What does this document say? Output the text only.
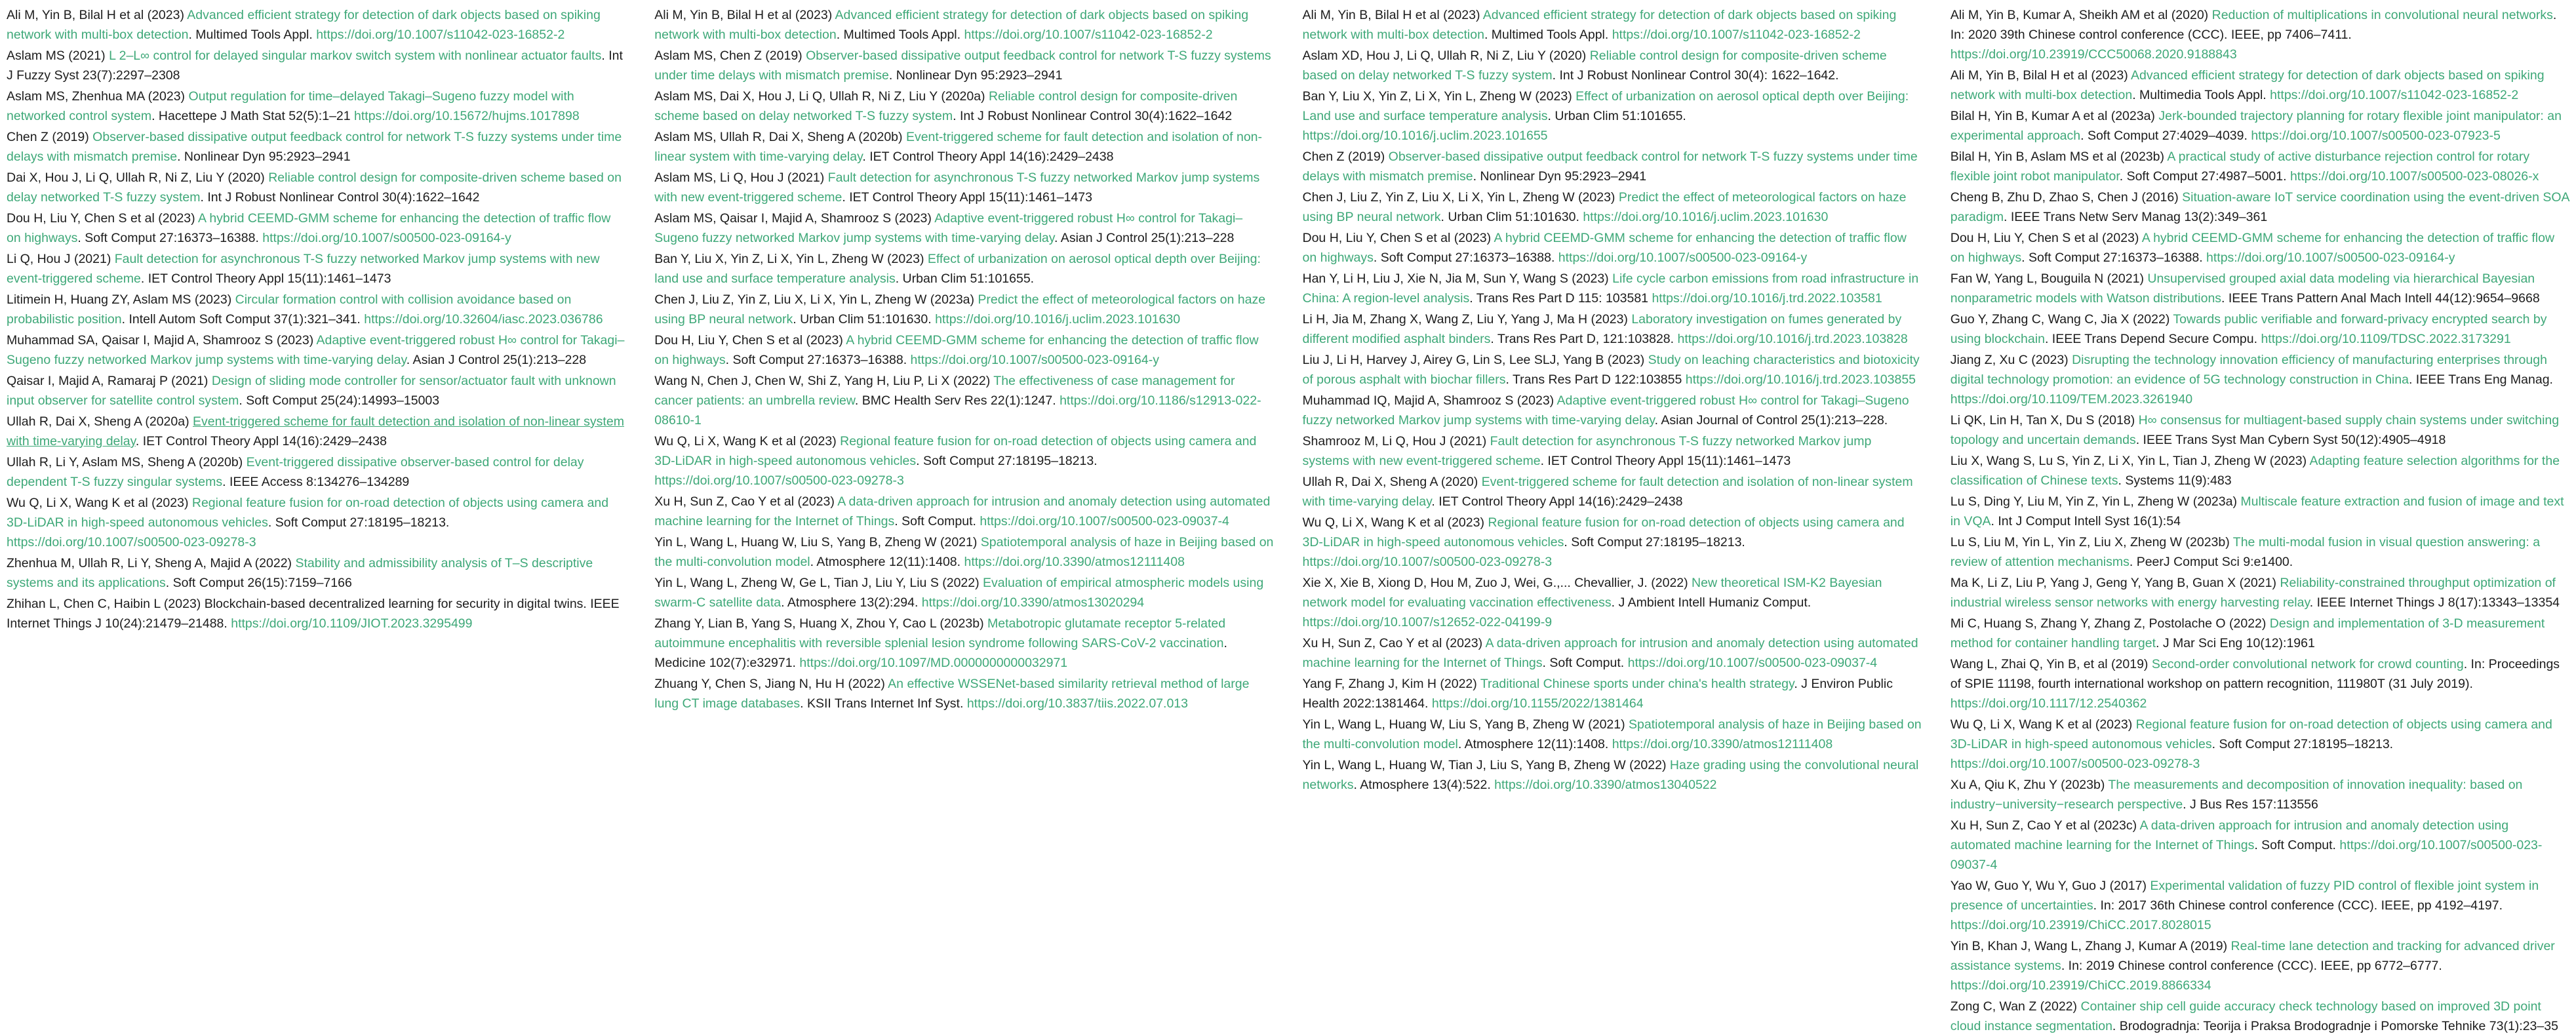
Ali M, Yin B, Bilal H et al (2023) Advanced efficient strategy for detection of dark objects based on spiking network with multi-box detection. Multimed Tools Appl. https://doi.org/10.1007/s11042-023-16852-2

Aslam MS (2021) L 2–L∞ control for delayed singular markov switch system with nonlinear actuator faults. Int J Fuzzy Syst 23(7):2297–2308

Aslam MS, Zhenhua MA (2023) Output regulation for time–delayed Takagi–Sugeno fuzzy model with networked control system. Hacettepe J Math Stat 52(5):1–21 https://doi.org/10.15672/hujms.1017898

Chen Z (2019) Observer-based dissipative output feedback control for network T-S fuzzy systems under time delays with mismatch premise. Nonlinear Dyn 95:2923–2941

Dai X, Hou J, Li Q, Ullah R, Ni Z, Liu Y (2020) Reliable control design for composite-driven scheme based on delay networked T-S fuzzy system. Int J Robust Nonlinear Control 30(4):1622–1642

Dou H, Liu Y, Chen S et al (2023) A hybrid CEEMD-GMM scheme for enhancing the detection of traffic flow on highways. Soft Comput 27:16373–16388. https://doi.org/10.1007/s00500-023-09164-y

Li Q, Hou J (2021) Fault detection for asynchronous T-S fuzzy networked Markov jump systems with new event-triggered scheme. IET Control Theory Appl 15(11):1461–1473

Litimein H, Huang ZY, Aslam MS (2023) Circular formation control with collision avoidance based on probabilistic position. Intell Autom Soft Comput 37(1):321–341. https://doi.org/10.32604/iasc.2023.036786

Muhammad SA, Qaisar I, Majid A, Shamrooz S (2023) Adaptive event-triggered robust H∞ control for Takagi–Sugeno fuzzy networked Markov jump systems with time-varying delay. Asian J Control 25(1):213–228

Qaisar I, Majid A, Ramaraj P (2021) Design of sliding mode controller for sensor/actuator fault with unknown input observer for satellite control system. Soft Comput 25(24):14993–15003

Ullah R, Dai X, Sheng A (2020a) Event-triggered scheme for fault detection and isolation of non-linear system with time-varying delay. IET Control Theory Appl 14(16):2429–2438

Ullah R, Li Y, Aslam MS, Sheng A (2020b) Event-triggered dissipative observer-based control for delay dependent T-S fuzzy singular systems. IEEE Access 8:134276–134289

Wu Q, Li X, Wang K et al (2023) Regional feature fusion for on-road detection of objects using camera and 3D-LiDAR in high-speed autonomous vehicles. Soft Comput 27:18195–18213. https://doi.org/10.1007/s00500-023-09278-3

Zhenhua M, Ullah R, Li Y, Sheng A, Majid A (2022) Stability and admissibility analysis of T–S descriptive systems and its applications. Soft Comput 26(15):7159–7166

Zhihan L, Chen C, Haibin L (2023) Blockchain-based decentralized learning for security in digital twins. IEEE Internet Things J 10(24):21479–21488. https://doi.org/10.1109/JIOT.2023.3295499

Ali M, Yin B, Bilal H et al (2023) Advanced efficient strategy for detection of dark objects based on spiking network with multi-box detection. Multimed Tools Appl. https://doi.org/10.1007/s11042-023-16852-2

Aslam MS, Chen Z (2019) Observer-based dissipative output feedback control for network T-S fuzzy systems under time delays with mismatch premise. Nonlinear Dyn 95:2923–2941

Aslam MS, Dai X, Hou J, Li Q, Ullah R, Ni Z, Liu Y (2020a) Reliable control design for composite-driven scheme based on delay networked T-S fuzzy system. Int J Robust Nonlinear Control 30(4):1622–1642

Aslam MS, Ullah R, Dai X, Sheng A (2020b) Event-triggered scheme for fault detection and isolation of non-linear system with time-varying delay. IET Control Theory Appl 14(16):2429–2438

Aslam MS, Li Q, Hou J (2021) Fault detection for asynchronous T-S fuzzy networked Markov jump systems with new event-triggered scheme. IET Control Theory Appl 15(11):1461–1473

Aslam MS, Qaisar I, Majid A, Shamrooz S (2023) Adaptive event-triggered robust H∞ control for Takagi–Sugeno fuzzy networked Markov jump systems with time-varying delay. Asian J Control 25(1):213–228

Ban Y, Liu X, Yin Z, Li X, Yin L, Zheng W (2023) Effect of urbanization on aerosol optical depth over Beijing: land use and surface temperature analysis. Urban Clim 51:101655.

Chen J, Liu Z, Yin Z, Liu X, Li X, Yin L, Zheng W (2023a) Predict the effect of meteorological factors on haze using BP neural network. Urban Clim 51:101630. https://doi.org/10.1016/j.uclim.2023.101630

Dou H, Liu Y, Chen S et al (2023) A hybrid CEEMD-GMM scheme for enhancing the detection of traffic flow on highways. Soft Comput 27:16373–16388. https://doi.org/10.1007/s00500-023-09164-y

Wang N, Chen J, Chen W, Shi Z, Yang H, Liu P, Li X (2022) The effectiveness of case management for cancer patients: an umbrella review. BMC Health Serv Res 22(1):1247. https://doi.org/10.1186/s12913-022-08610-1

Wu Q, Li X, Wang K et al (2023) Regional feature fusion for on-road detection of objects using camera and 3D-LiDAR in high-speed autonomous vehicles. Soft Comput 27:18195–18213. https://doi.org/10.1007/s00500-023-09278-3

Xu H, Sun Z, Cao Y et al (2023) A data-driven approach for intrusion and anomaly detection using automated machine learning for the Internet of Things. Soft Comput. https://doi.org/10.1007/s00500-023-09037-4

Yin L, Wang L, Huang W, Liu S, Yang B, Zheng W (2021) Spatiotemporal analysis of haze in Beijing based on the multi-convolution model. Atmosphere 12(11):1408. https://doi.org/10.3390/atmos12111408

Yin L, Wang L, Zheng W, Ge L, Tian J, Liu Y, Liu S (2022) Evaluation of empirical atmospheric models using swarm-C satellite data. Atmosphere 13(2):294. https://doi.org/10.3390/atmos13020294

Zhang Y, Lian B, Yang S, Huang X, Zhou Y, Cao L (2023b) Metabotropic glutamate receptor 5-related autoimmune encephalitis with reversible splenial lesion syndrome following SARS-CoV-2 vaccination. Medicine 102(7):e32971. https://doi.org/10.1097/MD.0000000000032971

Zhuang Y, Chen S, Jiang N, Hu H (2022) An effective WSSENet-based similarity retrieval method of large lung CT image databases. KSII Trans Internet Inf Syst. https://doi.org/10.3837/tiis.2022.07.013

Ali M, Yin B, Bilal H et al (2023) Advanced efficient strategy for detection of dark objects based on spiking network with multi-box detection. Multimed Tools Appl. https://doi.org/10.1007/s11042-023-16852-2

Aslam XD, Hou J, Li Q, Ullah R, Ni Z, Liu Y (2020) Reliable control design for composite-driven scheme based on delay networked T-S fuzzy system. Int J Robust Nonlinear Control 30(4): 1622–1642.

Ban Y, Liu X, Yin Z, Li X, Yin L, Zheng W (2023) Effect of urbanization on aerosol optical depth over Beijing: Land use and surface temperature analysis. Urban Clim 51:101655. https://doi.org/10.1016/j.uclim.2023.101655

Chen Z (2019) Observer-based dissipative output feedback control for network T-S fuzzy systems under time delays with mismatch premise. Nonlinear Dyn 95:2923–2941

Chen J, Liu Z, Yin Z, Liu X, Li X, Yin L, Zheng W (2023) Predict the effect of meteorological factors on haze using BP neural network. Urban Clim 51:101630. https://doi.org/10.1016/j.uclim.2023.101630

Dou H, Liu Y, Chen S et al (2023) A hybrid CEEMD-GMM scheme for enhancing the detection of traffic flow on highways. Soft Comput 27:16373–16388. https://doi.org/10.1007/s00500-023-09164-y

Han Y, Li H, Liu J, Xie N, Jia M, Sun Y, Wang S (2023) Life cycle carbon emissions from road infrastructure in China: A region-level analysis. Trans Res Part D 115: 103581 https://doi.org/10.1016/j.trd.2022.103581

Li H, Jia M, Zhang X, Wang Z, Liu Y, Yang J, Ma H (2023) Laboratory investigation on fumes generated by different modified asphalt binders. Trans Res Part D, 121:103828. https://doi.org/10.1016/j.trd.2023.103828

Liu J, Li H, Harvey J, Airey G, Lin S, Lee SLJ, Yang B (2023) Study on leaching characteristics and biotoxicity of porous asphalt with biochar fillers. Trans Res Part D 122:103855 https://doi.org/10.1016/j.trd.2023.103855

Muhammad IQ, Majid A, Shamrooz S (2023) Adaptive event-triggered robust H∞ control for Takagi–Sugeno fuzzy networked Markov jump systems with time-varying delay. Asian Journal of Control 25(1):213–228.

Shamrooz M, Li Q, Hou J (2021) Fault detection for asynchronous T-S fuzzy networked Markov jump systems with new event-triggered scheme. IET Control Theory Appl 15(11):1461–1473

Ullah R, Dai X, Sheng A (2020) Event-triggered scheme for fault detection and isolation of non-linear system with time-varying delay. IET Control Theory Appl 14(16):2429–2438

Wu Q, Li X, Wang K et al (2023) Regional feature fusion for on-road detection of objects using camera and 3D-LiDAR in high-speed autonomous vehicles. Soft Comput 27:18195–18213. https://doi.org/10.1007/s00500-023-09278-3

Xie X, Xie B, Xiong D, Hou M, Zuo J, Wei, G.,... Chevallier, J. (2022) New theoretical ISM-K2 Bayesian network model for evaluating vaccination effectiveness. J Ambient Intell Humaniz Comput. https://doi.org/10.1007/s12652-022-04199-9

Xu H, Sun Z, Cao Y et al (2023) A data-driven approach for intrusion and anomaly detection using automated machine learning for the Internet of Things. Soft Comput. https://doi.org/10.1007/s00500-023-09037-4

Yang F, Zhang J, Kim H (2022) Traditional Chinese sports under china's health strategy. J Environ Public Health 2022:1381464. https://doi.org/10.1155/2022/1381464

Yin L, Wang L, Huang W, Liu S, Yang B, Zheng W (2021) Spatiotemporal analysis of haze in Beijing based on the multi-convolution model. Atmosphere 12(11):1408. https://doi.org/10.3390/atmos12111408

Yin L, Wang L, Huang W, Tian J, Liu S, Yang B, Zheng W (2022) Haze grading using the convolutional neural networks. Atmosphere 13(4):522. https://doi.org/10.3390/atmos13040522

Ali M, Yin B, Kumar A, Sheikh AM et al (2020) Reduction of multiplications in convolutional neural networks. In: 2020 39th Chinese control conference (CCC). IEEE, pp 7406–7411. https://doi.org/10.23919/CCC50068.2020.9188843

Ali M, Yin B, Bilal H et al (2023) Advanced efficient strategy for detection of dark objects based on spiking network with multi-box detection. Multimedia Tools Appl. https://doi.org/10.1007/s11042-023-16852-2

Bilal H, Yin B, Kumar A et al (2023a) Jerk-bounded trajectory planning for rotary flexible joint manipulator: an experimental approach. Soft Comput 27:4029–4039. https://doi.org/10.1007/s00500-023-07923-5

Bilal H, Yin B, Aslam MS et al (2023b) A practical study of active disturbance rejection control for rotary flexible joint robot manipulator. Soft Comput 27:4987–5001. https://doi.org/10.1007/s00500-023-08026-x

Cheng B, Zhu D, Zhao S, Chen J (2016) Situation-aware IoT service coordination using the event-driven SOA paradigm. IEEE Trans Netw Serv Manag 13(2):349–361

Dou H, Liu Y, Chen S et al (2023) A hybrid CEEMD-GMM scheme for enhancing the detection of traffic flow on highways. Soft Comput 27:16373–16388. https://doi.org/10.1007/s00500-023-09164-y

Fan W, Yang L, Bouguila N (2021) Unsupervised grouped axial data modeling via hierarchical Bayesian nonparametric models with Watson distributions. IEEE Trans Pattern Anal Mach Intell 44(12):9654–9668

Guo Y, Zhang C, Wang C, Jia X (2022) Towards public verifiable and forward-privacy encrypted search by using blockchain. IEEE Trans Depend Secure Compu. https://doi.org/10.1109/TDSC.2022.3173291

Jiang Z, Xu C (2023) Disrupting the technology innovation efficiency of manufacturing enterprises through digital technology promotion: an evidence of 5G technology construction in China. IEEE Trans Eng Manag. https://doi.org/10.1109/TEM.2023.3261940

Li QK, Lin H, Tan X, Du S (2018) H∞ consensus for multiagent-based supply chain systems under switching topology and uncertain demands. IEEE Trans Syst Man Cybern Syst 50(12):4905–4918

Liu X, Wang S, Lu S, Yin Z, Li X, Yin L, Tian J, Zheng W (2023) Adapting feature selection algorithms for the classification of Chinese texts. Systems 11(9):483

Lu S, Ding Y, Liu M, Yin Z, Yin L, Zheng W (2023a) Multiscale feature extraction and fusion of image and text in VQA. Int J Comput Intell Syst 16(1):54

Lu S, Liu M, Yin L, Yin Z, Liu X, Zheng W (2023b) The multi-modal fusion in visual question answering: a review of attention mechanisms. PeerJ Comput Sci 9:e1400.

Ma K, Li Z, Liu P, Yang J, Geng Y, Yang B, Guan X (2021) Reliability-constrained throughput optimization of industrial wireless sensor networks with energy harvesting relay. IEEE Internet Things J 8(17):13343–13354

Mi C, Huang S, Zhang Y, Zhang Z, Postolache O (2022) Design and implementation of 3-D measurement method for container handling target. J Mar Sci Eng 10(12):1961

Wang L, Zhai Q, Yin B, et al (2019) Second-order convolutional network for crowd counting. In: Proceedings of SPIE 11198, fourth international workshop on pattern recognition, 111980T (31 July 2019). https://doi.org/10.1117/12.2540362

Wu Q, Li X, Wang K et al (2023) Regional feature fusion for on-road detection of objects using camera and 3D-LiDAR in high-speed autonomous vehicles. Soft Comput 27:18195–18213. https://doi.org/10.1007/s00500-023-09278-3

Xu A, Qiu K, Zhu Y (2023b) The measurements and decomposition of innovation inequality: based on industry−university−research perspective. J Bus Res 157:113556

Xu H, Sun Z, Cao Y et al (2023c) A data-driven approach for intrusion and anomaly detection using automated machine learning for the Internet of Things. Soft Comput. https://doi.org/10.1007/s00500-023-09037-4

Yao W, Guo Y, Wu Y, Guo J (2017) Experimental validation of fuzzy PID control of flexible joint system in presence of uncertainties. In: 2017 36th Chinese control conference (CCC). IEEE, pp 4192–4197. https://doi.org/10.23919/ChiCC.2017.8028015

Yin B, Khan J, Wang L, Zhang J, Kumar A (2019) Real-time lane detection and tracking for advanced driver assistance systems. In: 2019 Chinese control conference (CCC). IEEE, pp 6772–6777. https://doi.org/10.23919/ChiCC.2019.8866334

Zong C, Wan Z (2022) Container ship cell guide accuracy check technology based on improved 3D point cloud instance segmentation. Brodogradnja: Teorija i Praksa Brodogradnje i Pomorske Tehnike 73(1):23–35
